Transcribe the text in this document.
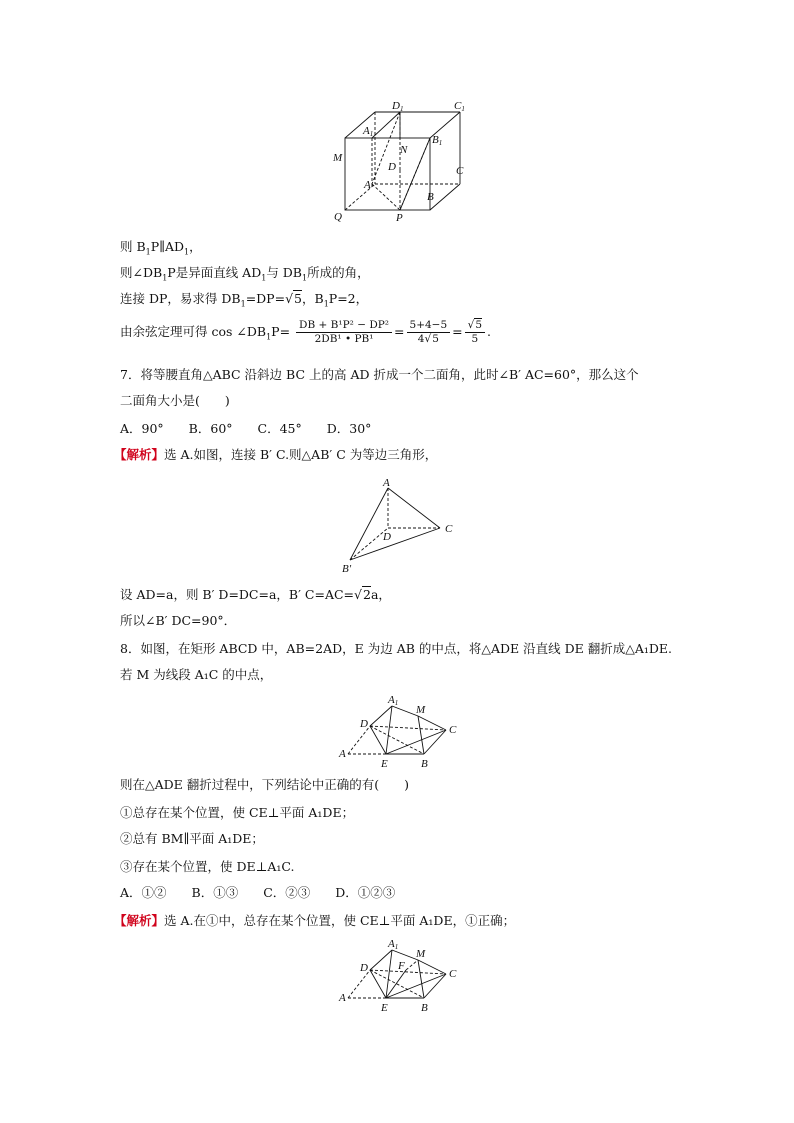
D1	C1
A1	B1
N
M
D
A
C
B
Q	P
则 $B_1P\parallel AD_1$，
则$\angle DB_1P$是异面直线 $AD_1$与 $DB_1$所成的角，
连接 DP，易求得 $DB_1=DP=√5$，$B_1P=2$，
由余弦定理可得 $\cos \angle DB_1P= \frac{\text{DB + B¹P² − DP²}}{\text{2DB¹ • PB¹}} = \frac{5+4-5}{4√5} = \frac{√5}{5}$ .
7．将等腰直角△ABC 沿斜边 BC 上的高 AD 折成一个二面角，此时∠B′ AC=60°，那么这个
二面角大小是(　　)
A．90°　　B．60°　　C．45°　　D．30°
【解析】选 A.如图，连接 B′ C.则△AB′ C 为等边三角形，
A
C
D
B′
设 AD=a，则 B′ D=DC=a，B′ C=AC=√2a，
所以∠B′ DC=90°．
8．如图，在矩形 ABCD 中，AB=2AD，E 为边 AB 的中点，将△ADE 沿直线 DE 翻折成△A₁DE.
若 M 为线段 A₁C 的中点，
A1
M
D	C
A
E	B
则在△ADE 翻折过程中，下列结论中正确的有(　　)
①总存在某个位置，使 CE⊥平面 A₁DE；
②总有 BM∥平面 A₁DE；
③存在某个位置，使 DE⊥A₁C.
A．①②　　B．①③　　C．②③　　D．①②③
【解析】选 A.在①中，总存在某个位置，使 CE⊥平面 A₁DE，①正确；
A1
M
D	F
C
A
E	B
